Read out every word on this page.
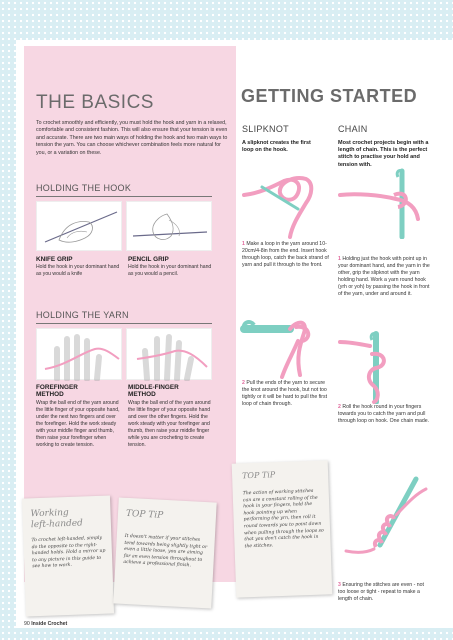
THE BASICS

To crochet smoothly and efficiently, you must hold the hook and yarn in a relaxed, comfortable and consistent fashion. This will also ensure that your tension is even and accurate. There are two main ways of holding the hook and two main ways to tension the yarn. You can choose whichever combination feels more natural for you, or a variation on these.

HOLDING THE HOOK
KNIFE GRIP
Hold the hook in your dominant hand as you would a knife
PENCIL GRIP
Hold the hook in your dominant hand as you would a pencil.
HOLDING THE YARN
FOREFINGER
METHOD
Wrap the ball end of the yarn around the little finger of your opposite hand, under the next two fingers and over the forefinger. Hold the work steady with your middle finger and thumb, then raise your forefinger when working to create tension.
MIDDLE-FINGER
METHOD
Wrap the ball end of the yarn around the little finger of your opposite hand and over the other fingers. Hold the work steady with your forefinger and thumb, then raise your middle finger while you are crocheting to create tension.
Working
left-handed
To crochet left-handed, simply do the opposite to the right-handed holds. Hold a mirror up to any picture in this guide to see how to work.
TOP TiP
It doesn't matter if your stitches tend towards being slightly tight or even a little loose, you are aiming for an even tension throughout to achieve a professional finish.
GETTING STARTED
SLIPKNOT
A slipknot creates the first loop on the hook.
CHAIN
Most crochet projects begin with a length of chain. This is the perfect stitch to practise your hold and tension with.

1 Make a loop in the yarn around 10-20cm/4-8in from the end. Insert hook through loop, catch the back strand of yarn and pull it through to the front.

2 Pull the ends of the yarn to secure the knot around the hook, but not too tightly or it will be hard to pull the first loop of chain through.

1 Holding just the hook with point up in your dominant hand, and the yarn in the other, grip the slipknot with the yarn holding hand. Work a yarn round hook (yrh or yoh) by passing the hook in front of the yarn, under and around it.

2 Roll the hook round in your fingers towards you to catch the yarn and pull through loop on hook. One chain made.

3 Ensuring the stitches are even - not too loose or tight - repeat to make a length of chain.

TOP TiP
The action of working stitches can are a constant rolling of the hook in your fingers, hold the hook pointing up when performing the yrn, then roll it round towards you to point down when pulling through the loops so that you don't catch the hook in the stitches.
90 Inside Crochet
